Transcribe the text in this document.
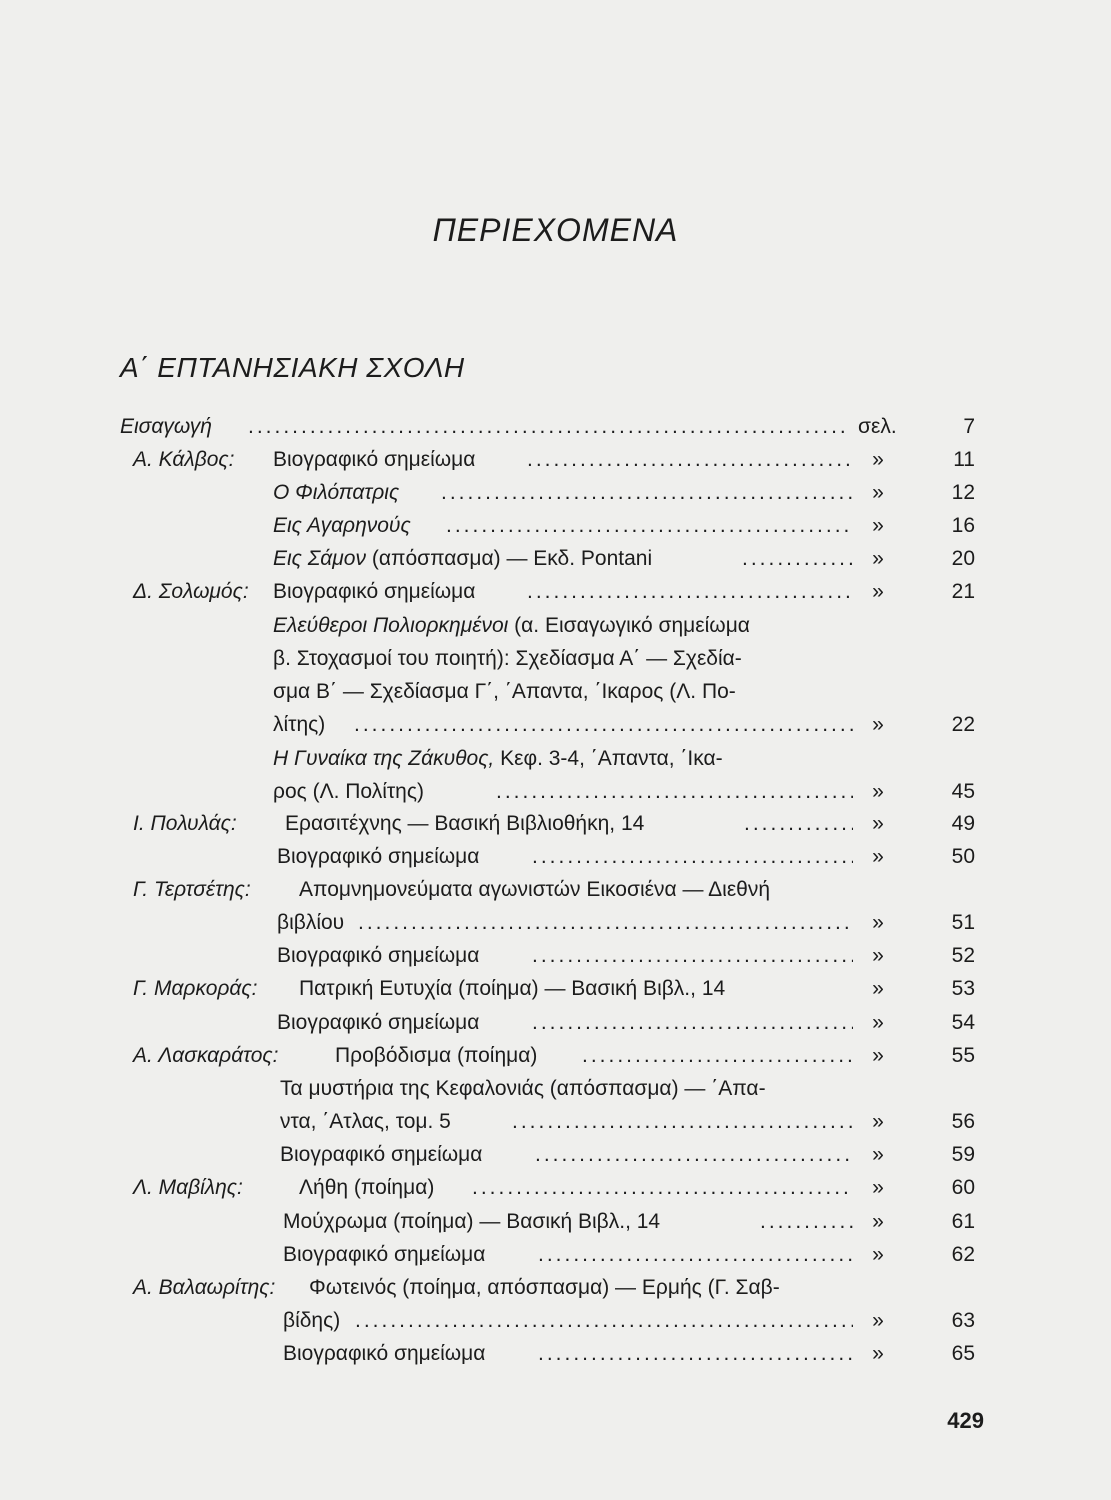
ΠΕΡΙΕΧΟΜΕΝΑ
Α΄ ΕΠΤΑΝΗΣΙΑΚΗ ΣΧΟΛΗ
Εισαγωγή .....	σελ.	7
Α. Κάλβος: Βιογραφικό σημείωμα .....	»	11
Ο Φιλόπατρις .....	»	12
Εις Αγαρηνούς .....	»	16
Εις Σάμον (απόσπασμα) — Εκδ. Pontani .....	»	20
Δ. Σολωμός: Βιογραφικό σημείωμα .....	»	21
Ελεύθεροι Πολιορκημένοι (α. Εισαγωγικό σημείωμα
β. Στοχασμοί του ποιητή): Σχεδίασμα Α΄ — Σχεδία-
σμα Β΄ — Σχεδίασμα Γ΄, ΄Απαντα, ΄Ικαρος (Λ. Πο-
λίτης) .....	»	22
Η Γυναίκα της Ζάκυθος, Κεφ. 3-4, ΄Απαντα, ΄Ικα-
ρος (Λ. Πολίτης) .....	»	45
Ι. Πολυλάς: Ερασιτέχνης — Βασική Βιβλιοθήκη, 14 .....	»	49
Βιογραφικό σημείωμα .....	»	50
Γ. Τερτσέτης: Απομνημονεύματα αγωνιστών Εικοσιένα — Διεθνή
βιβλίου .....	»	51
Βιογραφικό σημείωμα .....	»	52
Γ. Μαρκοράς: Πατρική Ευτυχία (ποίημα) — Βασική Βιβλ., 14	»	53
Βιογραφικό σημείωμα .....	»	54
Α. Λασκαράτος:	Προβόδισμα (ποίημα) .....	»	55
Τα μυστήρια της Κεφαλονιάς (απόσπασμα) — ΄Απα-
ντα, ΄Ατλας, τομ. 5 .....	»	56
Βιογραφικό σημείωμα .....	»	59
Λ. Μαβίλης:	Λήθη (ποίημα) .....	»	60
Μούχρωμα (ποίημα) — Βασική Βιβλ., 14 .....	»	61
Βιογραφικό σημείωμα .....	»	62
Α. Βαλαωρίτης: Φωτεινός (ποίημα, απόσπασμα) — Ερμής (Γ. Σαβ-
βίδης) .....	»	63
Βιογραφικό σημείωμα .....	»	65
429
